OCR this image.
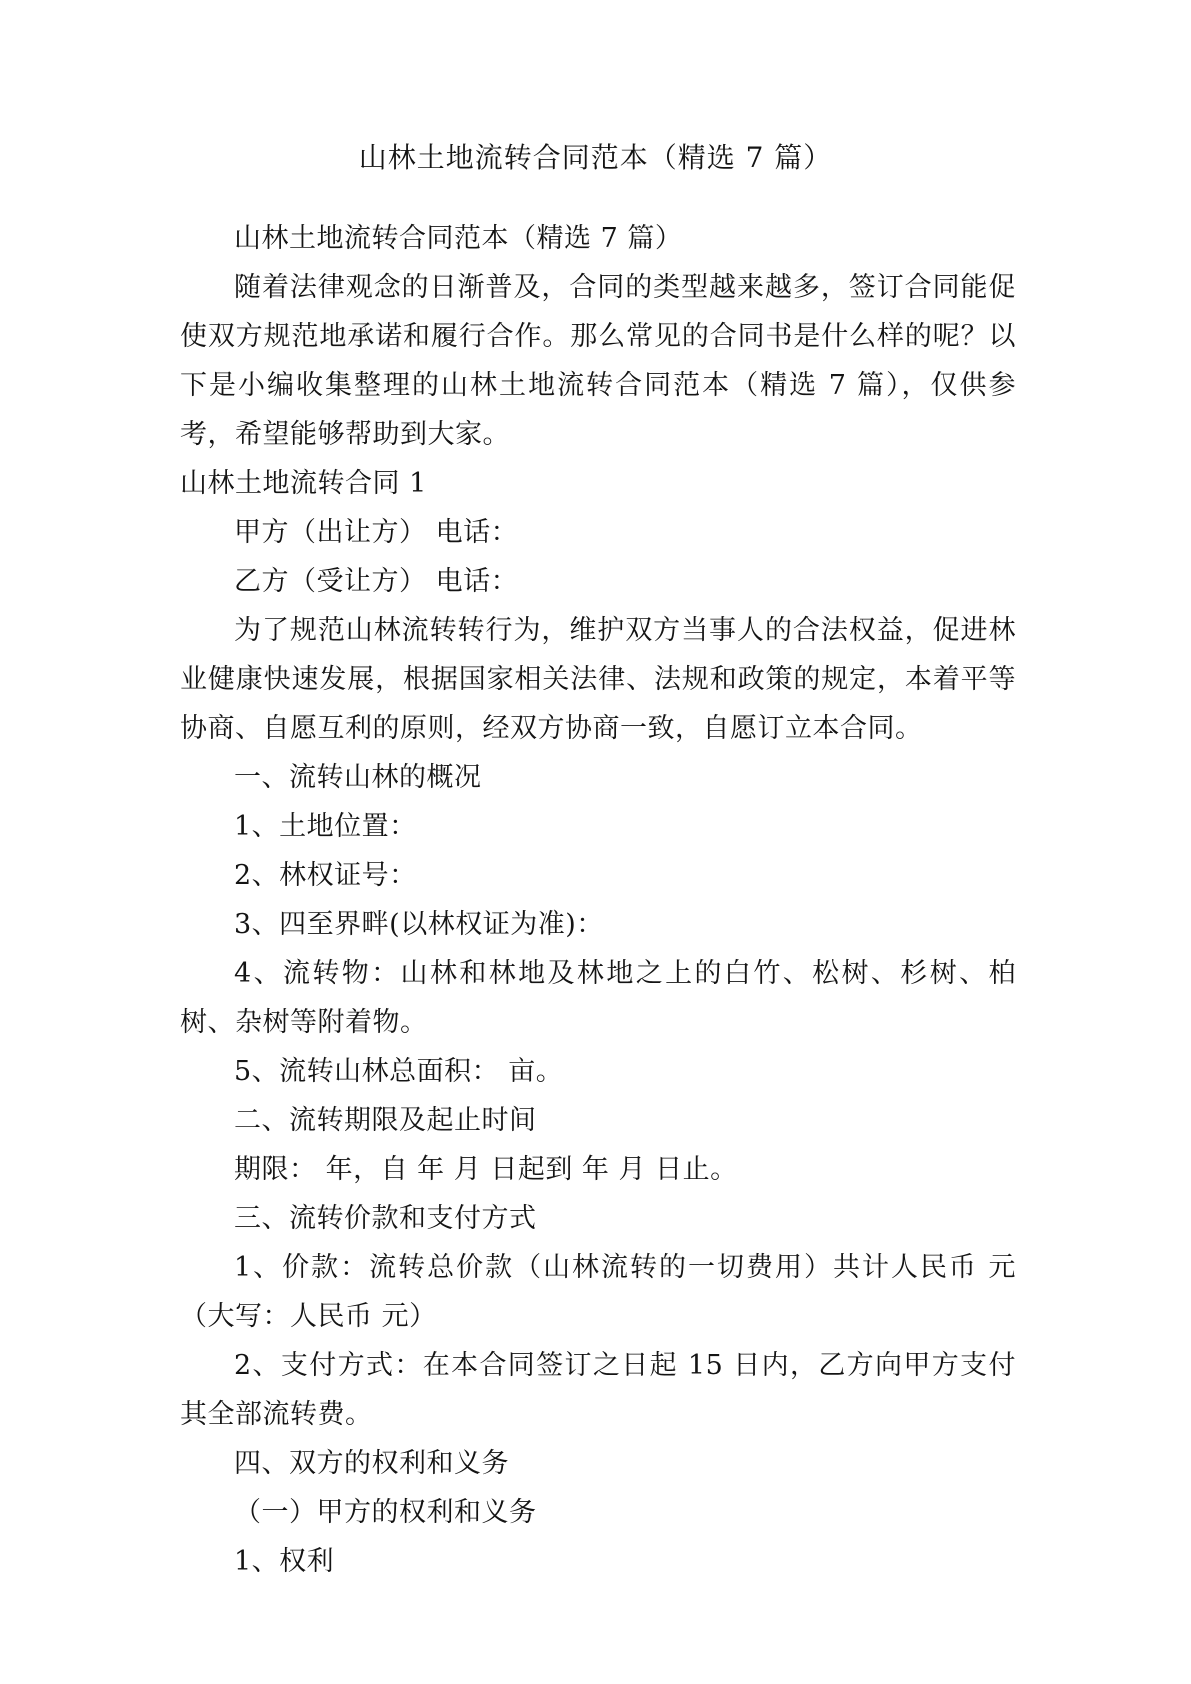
山林土地流转合同范本（精选 7 篇）

山林土地流转合同范本（精选 7 篇）

随着法律观念的日渐普及，合同的类型越来越多，签订合同能促使双方规范地承诺和履行合作。那么常见的合同书是什么样的呢？以下是小编收集整理的山林土地流转合同范本（精选 7 篇），仅供参考，希望能够帮助到大家。

山林土地流转合同 1

甲方（出让方） 电话：

乙方（受让方） 电话：

为了规范山林流转转行为，维护双方当事人的合法权益，促进林业健康快速发展，根据国家相关法律、法规和政策的规定，本着平等协商、自愿互利的原则，经双方协商一致，自愿订立本合同。

一、流转山林的概况

1、土地位置：

2、林权证号：

3、四至界畔(以林权证为准)：

4、流转物：山林和林地及林地之上的白竹、松树、杉树、柏树、杂树等附着物。

5、流转山林总面积： 亩。

二、流转期限及起止时间

期限： 年，自 年 月 日起到 年 月 日止。

三、流转价款和支付方式

1、价款：流转总价款（山林流转的一切费用）共计人民币 元（大写：人民币 元）

2、支付方式：在本合同签订之日起 15 日内，乙方向甲方支付其全部流转费。

四、双方的权利和义务

（一）甲方的权利和义务

1、权利
